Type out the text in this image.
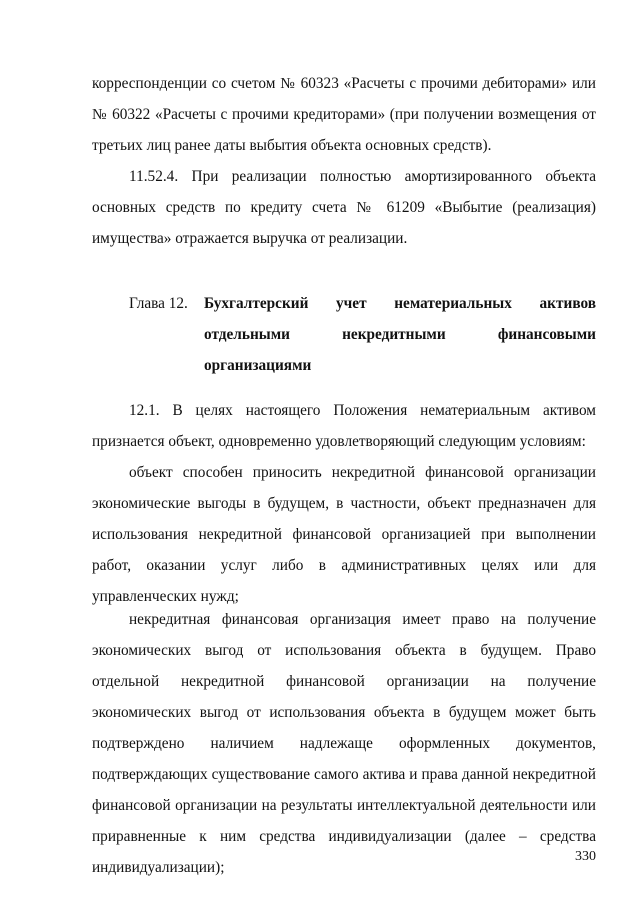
корреспонденции со счетом № 60323 «Расчеты с прочими дебиторами» или № 60322 «Расчеты с прочими кредиторами» (при получении возмещения от третьих лиц ранее даты выбытия объекта основных средств).

11.52.4. При реализации полностью амортизированного объекта основных средств по кредиту счета № 61209 «Выбытие (реализация) имущества» отражается выручка от реализации.

Глава 12. Бухгалтерский учет нематериальных активов отдельными некредитными финансовыми организациями

12.1. В целях настоящего Положения нематериальным активом признается объект, одновременно удовлетворяющий следующим условиям:

объект способен приносить некредитной финансовой организации экономические выгоды в будущем, в частности, объект предназначен для использования некредитной финансовой организацией при выполнении работ, оказании услуг либо в административных целях или для управленческих нужд;

некредитная финансовая организация имеет право на получение экономических выгод от использования объекта в будущем. Право отдельной некредитной финансовой организации на получение экономических выгод от использования объекта в будущем может быть подтверждено наличием надлежаще оформленных документов, подтверждающих существование самого актива и права данной некредитной финансовой организации на результаты интеллектуальной деятельности или приравненные к ним средства индивидуализации (далее – средства индивидуализации);

330
